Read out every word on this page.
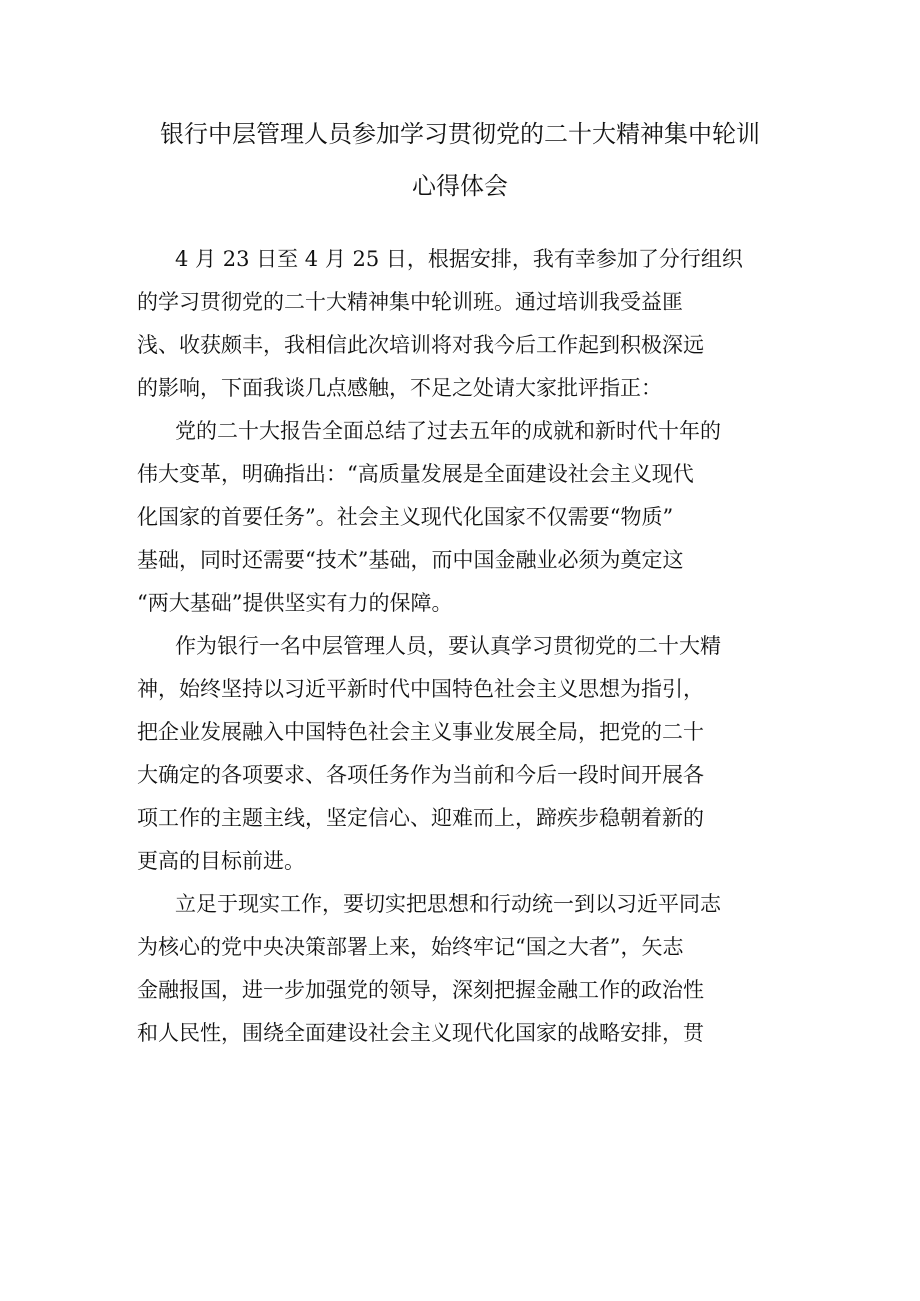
银行中层管理人员参加学习贯彻党的二十大精神集中轮训
心得体会
4 月 23 日至 4 月 25 日，根据安排，我有幸参加了分行组织
的学习贯彻党的二十大精神集中轮训班。通过培训我受益匪
浅、收获颇丰，我相信此次培训将对我今后工作起到积极深远
的影响，下面我谈几点感触，不足之处请大家批评指正：
党的二十大报告全面总结了过去五年的成就和新时代十年的
伟大变革，明确指出：“高质量发展是全面建设社会主义现代
化国家的首要任务”。社会主义现代化国家不仅需要“物质”
基础，同时还需要“技术”基础，而中国金融业必须为奠定这
“两大基础”提供坚实有力的保障。
作为银行一名中层管理人员，要认真学习贯彻党的二十大精
神，始终坚持以习近平新时代中国特色社会主义思想为指引，
把企业发展融入中国特色社会主义事业发展全局，把党的二十
大确定的各项要求、各项任务作为当前和今后一段时间开展各
项工作的主题主线，坚定信心、迎难而上，蹄疾步稳朝着新的
更高的目标前进。
立足于现实工作，要切实把思想和行动统一到以习近平同志
为核心的党中央决策部署上来，始终牢记“国之大者”，矢志
金融报国，进一步加强党的领导，深刻把握金融工作的政治性
和人民性，围绕全面建设社会主义现代化国家的战略安排，贯
